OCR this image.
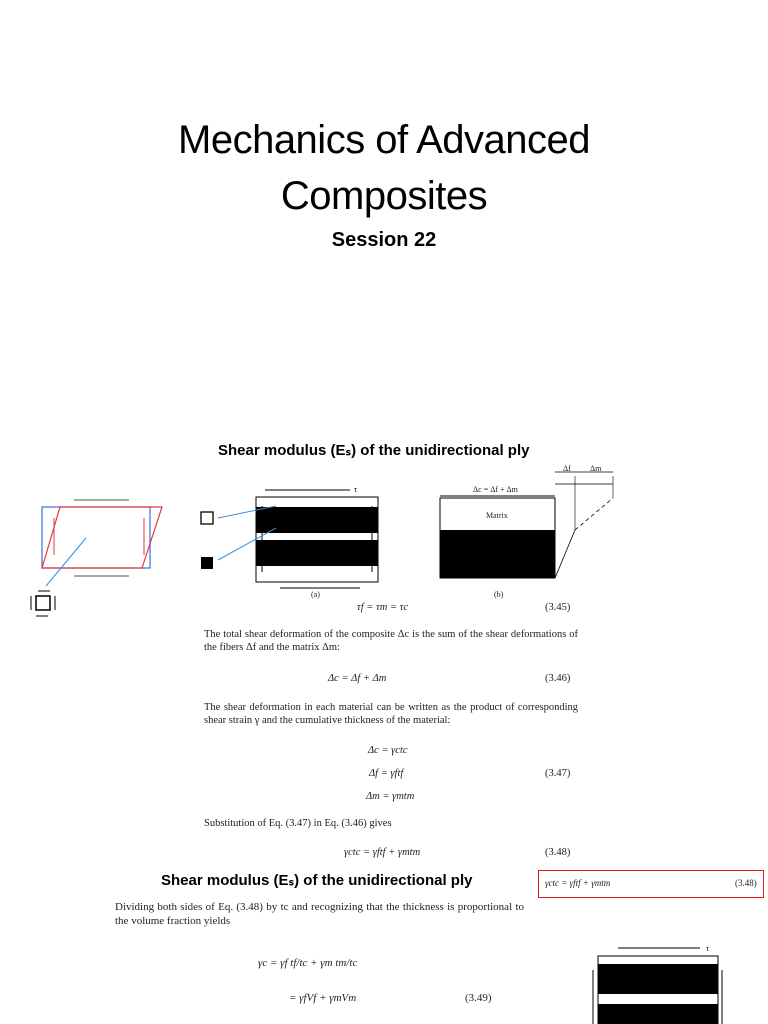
Mechanics of Advanced
Composites
Session 22
Shear modulus (Eₛ) of the unidirectional ply
τ
(a)
Δc = Δf + Δm
Matrix
Δf Δm
(b)
τf = τm = τc	(3.45)
The total shear deformation of the composite Δc is the sum of the shear deformations of the fibers Δf and the matrix Δm:
Δc = Δf + Δm	(3.46)
The shear deformation in each material can be written as the product of corresponding shear strain γ and the cumulative thickness of the material:
Δc = γctc
Δf = γftf	(3.47)
Δm = γmtm
Substitution of Eq. (3.47) in Eq. (3.46) gives
γctc = γftf + γmtm	(3.48)
Shear modulus (Eₛ) of the unidirectional ply	γctc = γftf + γmtm	(3.48)
Dividing both sides of Eq. (3.48) by tc and recognizing that the thickness is proportional to the volume fraction yields
γc = γf tf/tc + γm tm/tc
= γfVf + γmVm	(3.49)
τ
